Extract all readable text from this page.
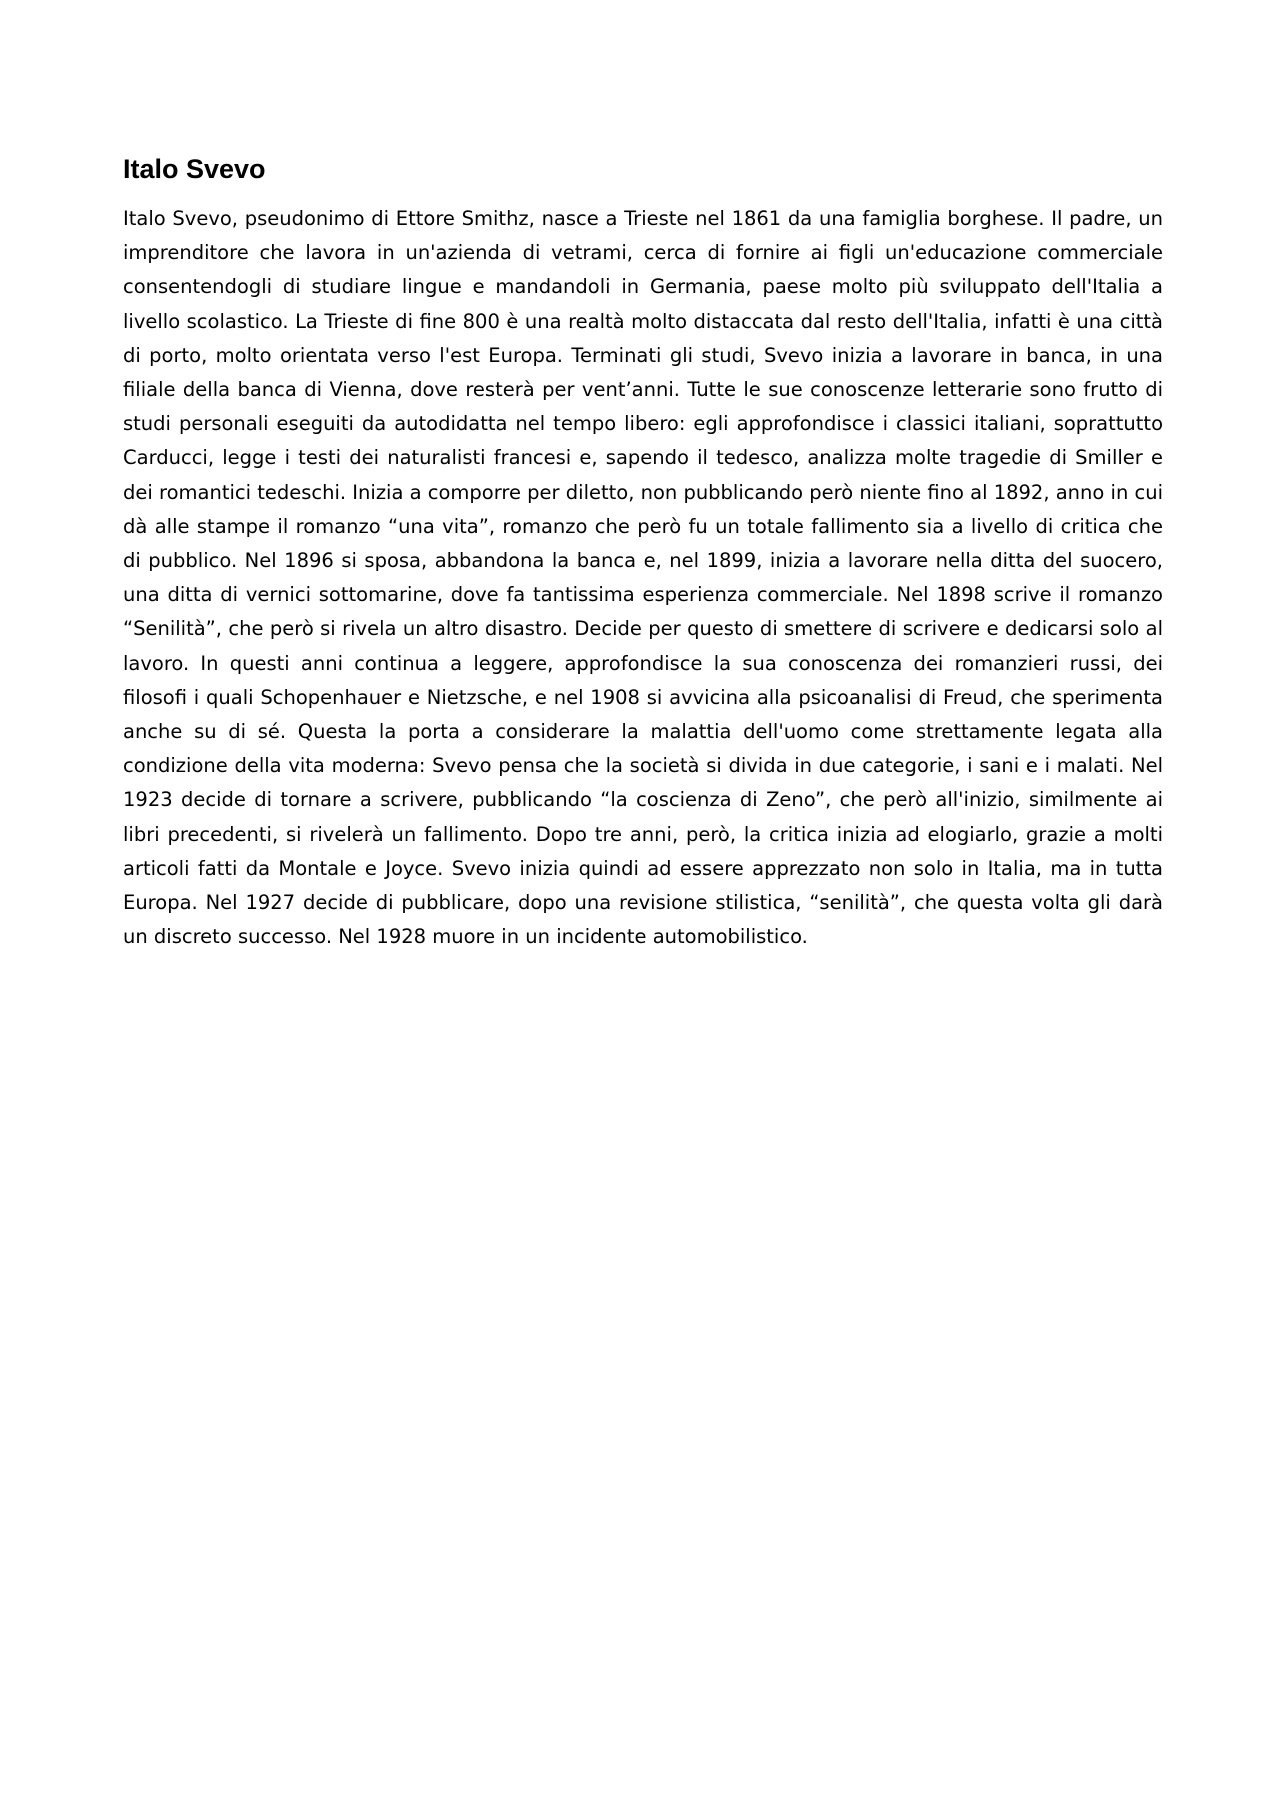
Italo Svevo

Italo Svevo, pseudonimo di Ettore Smithz, nasce a Trieste nel 1861 da una famiglia borghese. Il padre, un imprenditore che lavora in un'azienda di vetrami, cerca di fornire ai figli un'educazione commerciale consentendogli di studiare lingue e mandandoli in Germania, paese molto più sviluppato dell'Italia a livello scolastico. La Trieste di fine 800 è una realtà molto distaccata dal resto dell'Italia, infatti è una città di porto, molto orientata verso l'est Europa. Terminati gli studi, Svevo inizia a lavorare in banca, in una filiale della banca di Vienna, dove resterà per vent’anni. Tutte le sue conoscenze letterarie sono frutto di studi personali eseguiti da autodidatta nel tempo libero: egli approfondisce i classici italiani, soprattutto Carducci, legge i testi dei naturalisti francesi e, sapendo il tedesco, analizza molte tragedie di Smiller e dei romantici tedeschi. Inizia a comporre per diletto, non pubblicando però niente fino al 1892, anno in cui dà alle stampe il romanzo “una vita”, romanzo che però fu un totale fallimento sia a livello di critica che di pubblico. Nel 1896 si sposa, abbandona la banca e, nel 1899, inizia a lavorare nella ditta del suocero, una ditta di vernici sottomarine, dove fa tantissima esperienza commerciale. Nel 1898 scrive il romanzo “Senilità”, che però si rivela un altro disastro. Decide per questo di smettere di scrivere e dedicarsi solo al lavoro. In questi anni continua a leggere, approfondisce la sua conoscenza dei romanzieri russi, dei filosofi i quali Schopenhauer e Nietzsche, e nel 1908 si avvicina alla psicoanalisi di Freud, che sperimenta anche su di sé. Questa la porta a considerare la malattia dell'uomo come strettamente legata alla condizione della vita moderna: Svevo pensa che la società si divida in due categorie, i sani e i malati. Nel 1923 decide di tornare a scrivere, pubblicando “la coscienza di Zeno”, che però all'inizio, similmente ai libri precedenti, si rivelerà un fallimento. Dopo tre anni, però, la critica inizia ad elogiarlo, grazie a molti articoli fatti da Montale e Joyce. Svevo inizia quindi ad essere apprezzato non solo in Italia, ma in tutta Europa. Nel 1927 decide di pubblicare, dopo una revisione stilistica, “senilità”, che questa volta gli darà un discreto successo. Nel 1928 muore in un incidente automobilistico.
